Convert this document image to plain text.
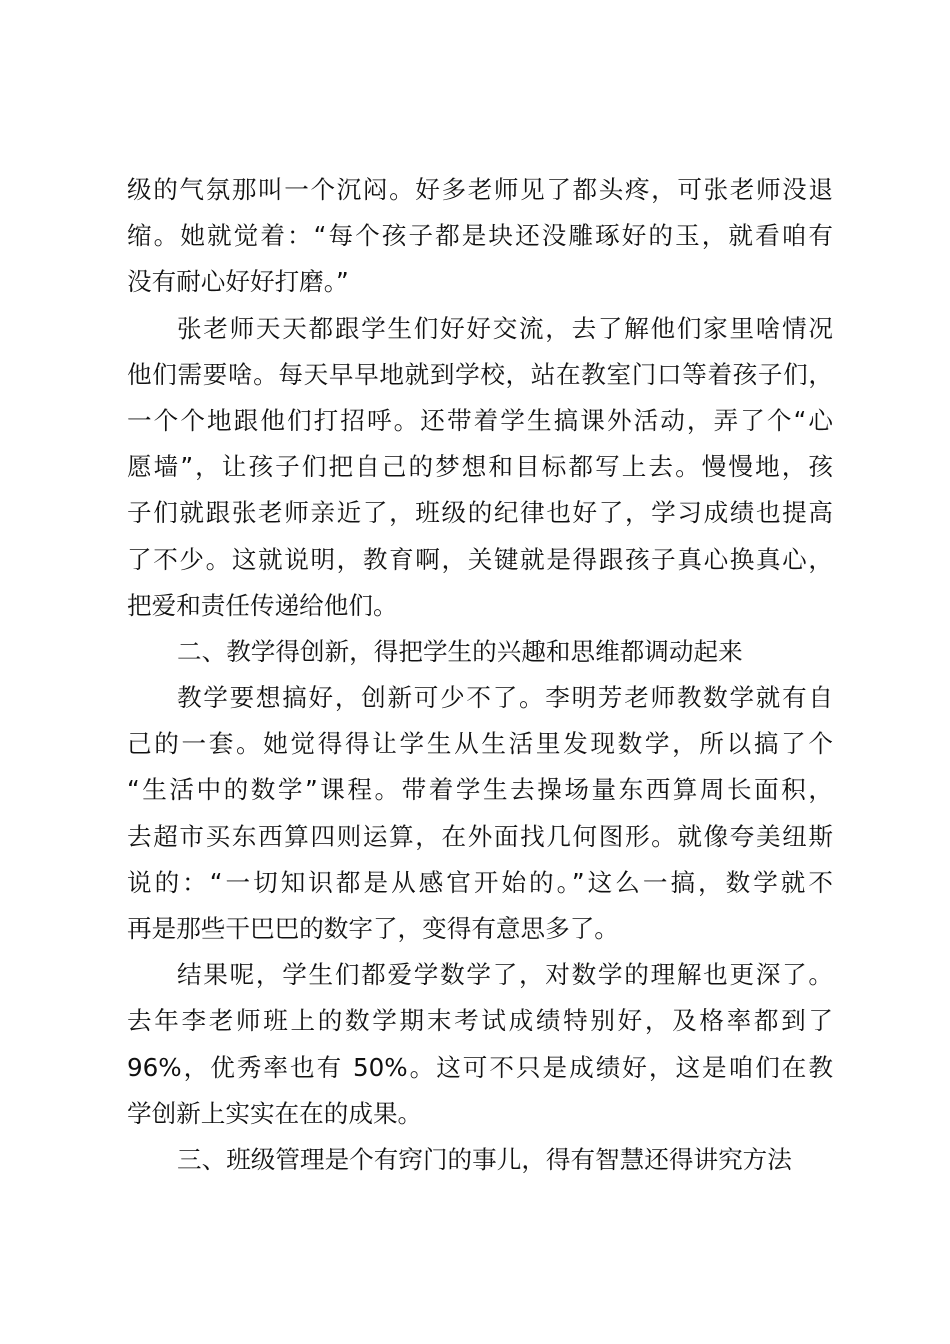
级的气氛那叫一个沉闷。好多老师见了都头疼，可张老师没退
缩。她就觉着：“每个孩子都是块还没雕琢好的玉，就看咱有
没有耐心好好打磨。”
张老师天天都跟学生们好好交流，去了解他们家里啥情况
他们需要啥。每天早早地就到学校，站在教室门口等着孩子们，
一个个地跟他们打招呼。还带着学生搞课外活动，弄了个“心
愿墙”，让孩子们把自己的梦想和目标都写上去。慢慢地，孩
子们就跟张老师亲近了，班级的纪律也好了，学习成绩也提高
了不少。这就说明，教育啊，关键就是得跟孩子真心换真心，
把爱和责任传递给他们。
二、教学得创新，得把学生的兴趣和思维都调动起来
教学要想搞好，创新可少不了。李明芳老师教数学就有自
己的一套。她觉得得让学生从生活里发现数学，所以搞了个
“生活中的数学”课程。带着学生去操场量东西算周长面积，
去超市买东西算四则运算，在外面找几何图形。就像夸美纽斯
说的：“一切知识都是从感官开始的。”这么一搞，数学就不
再是那些干巴巴的数字了，变得有意思多了。
结果呢，学生们都爱学数学了，对数学的理解也更深了。
去年李老师班上的数学期末考试成绩特别好，及格率都到了
96%，优秀率也有 50%。这可不只是成绩好，这是咱们在教
学创新上实实在在的成果。
三、班级管理是个有窍门的事儿，得有智慧还得讲究方法
